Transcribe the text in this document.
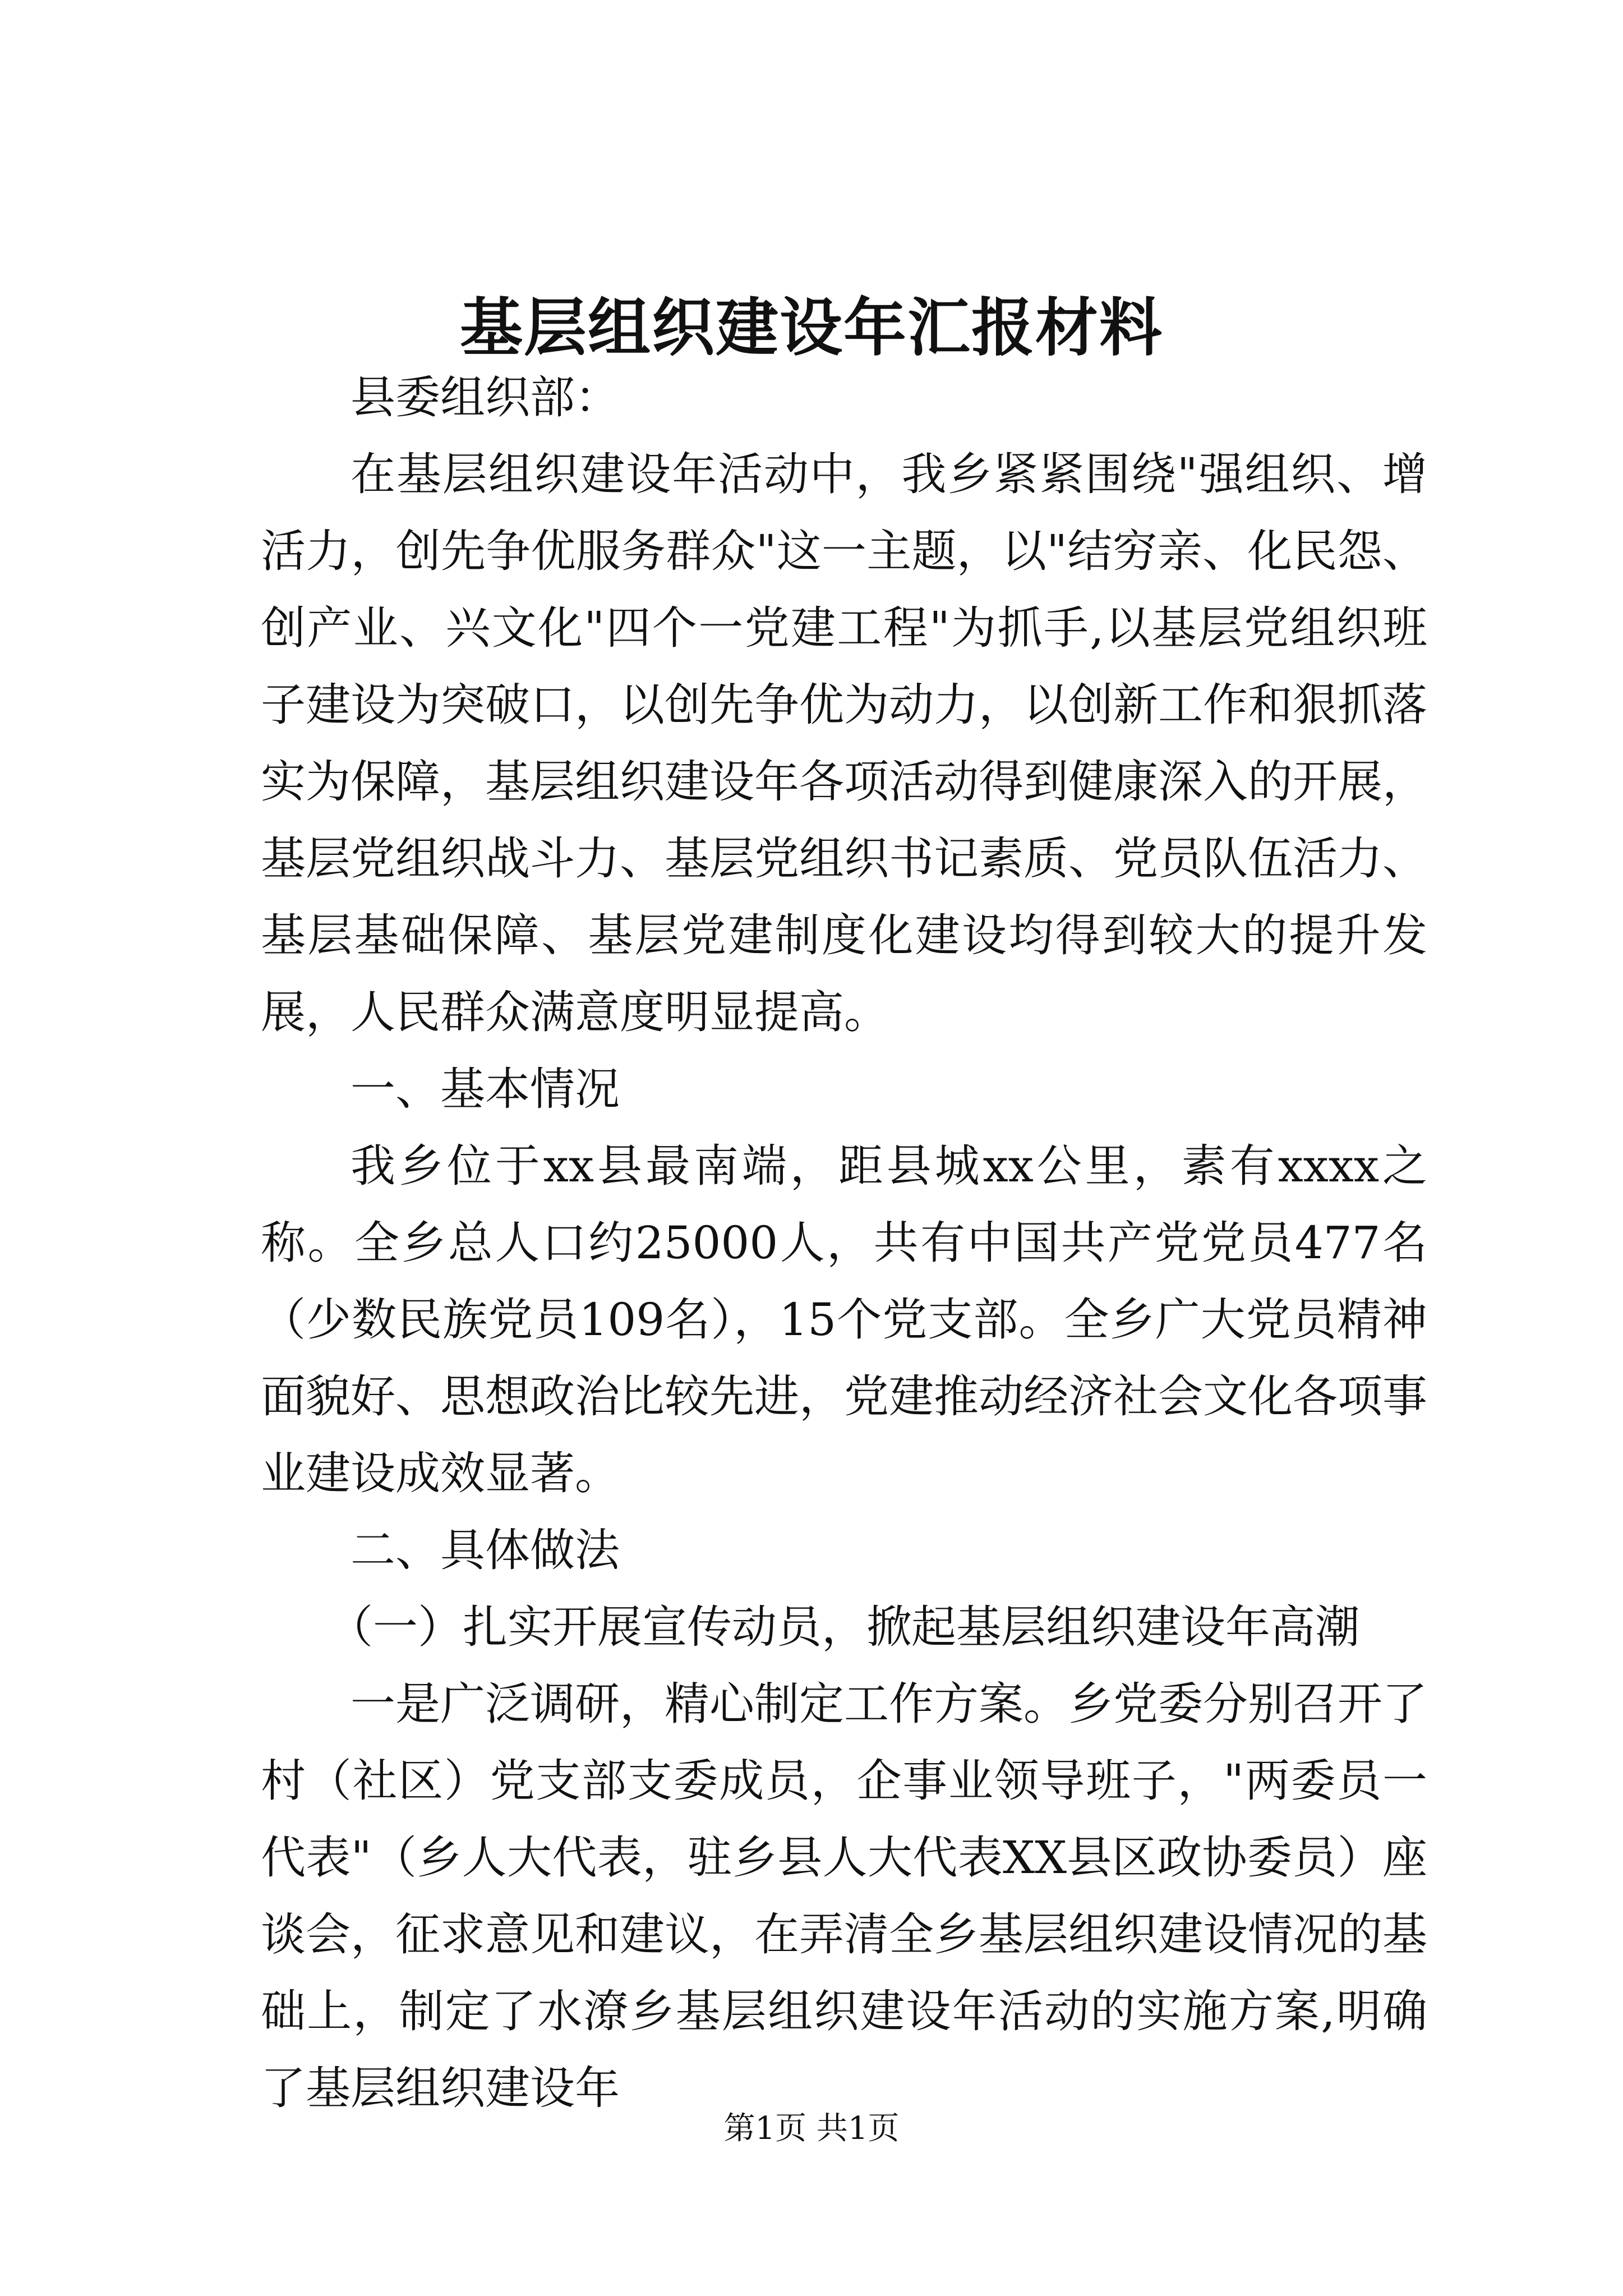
基层组织建设年汇报材料

县委组织部：

在基层组织建设年活动中，我乡紧紧围绕"强组织、增活力，创先争优服务群众"这一主题，以"结穷亲、化民怨、创产业、兴文化"四个一党建工程"为抓手,以基层党组织班子建设为突破口，以创先争优为动力，以创新工作和狠抓落实为保障，基层组织建设年各项活动得到健康深入的开展，基层党组织战斗力、基层党组织书记素质、党员队伍活力、基层基础保障、基层党建制度化建设均得到较大的提升发展，人民群众满意度明显提高。

一、基本情况

我乡位于xx县最南端，距县城xx公里，素有xxxx之称。全乡总人口约25000人，共有中国共产党党员477名（少数民族党员109名），15个党支部。全乡广大党员精神面貌好、思想政治比较先进，党建推动经济社会文化各项事业建设成效显著。

二、具体做法

（一）扎实开展宣传动员，掀起基层组织建设年高潮

一是广泛调研，精心制定工作方案。乡党委分别召开了村（社区）党支部支委成员，企事业领导班子，"两委员一代表"（乡人大代表，驻乡县人大代表XX县区政协委员）座谈会，征求意见和建议，在弄清全乡基层组织建设情况的基础上，制定了水潦乡基层组织建设年活动的实施方案,明确了基层组织建设年

第1页 共1页
